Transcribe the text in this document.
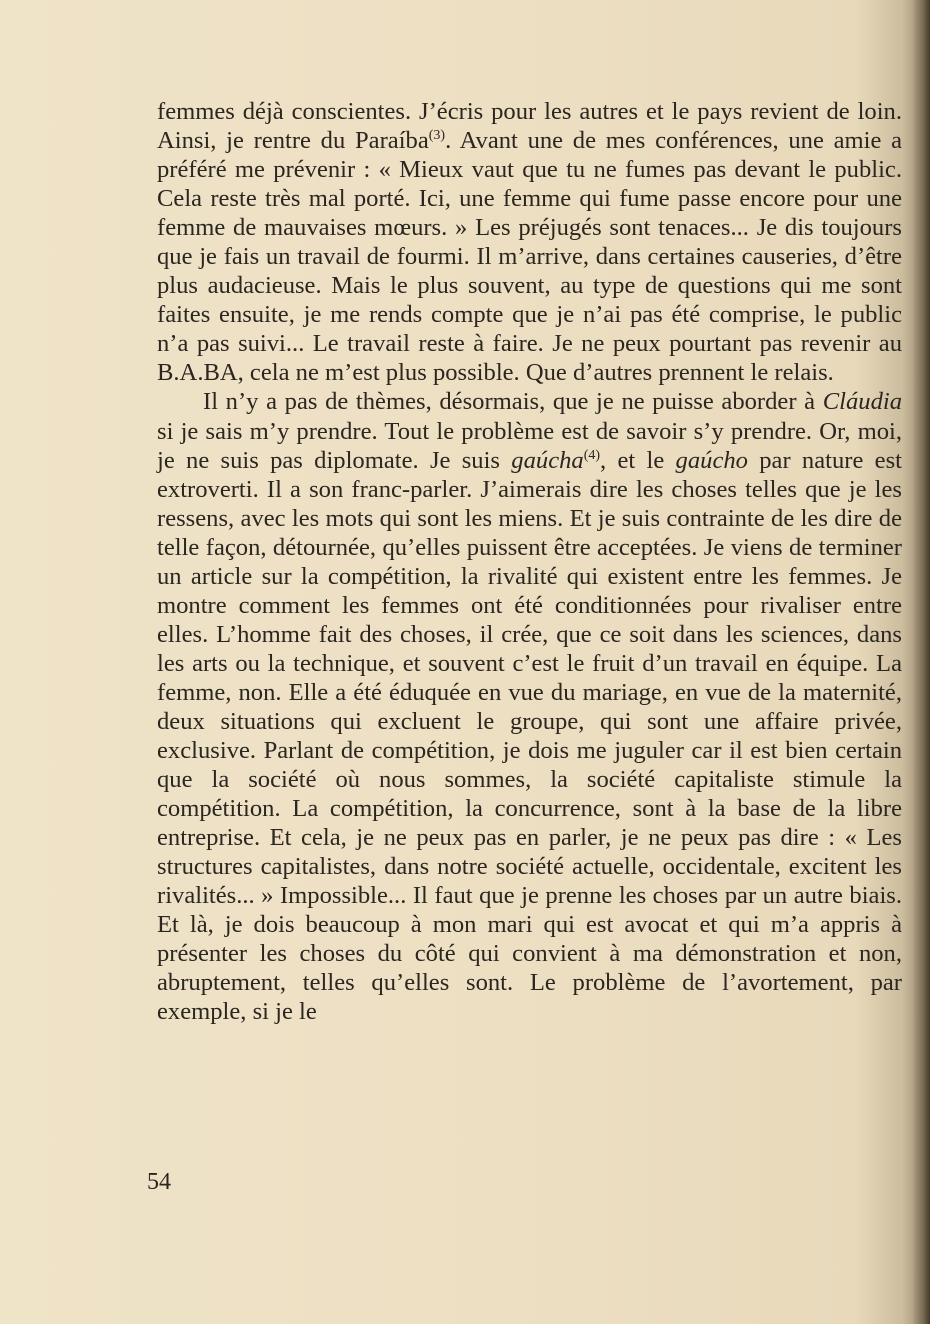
femmes déjà conscientes. J’écris pour les autres et le pays revient de loin. Ainsi, je rentre du Paraíba$^{(3)}$. Avant une de mes conférences, une amie a préféré me prévenir : « Mieux vaut que tu ne fumes pas devant le public. Cela reste très mal porté. Ici, une femme qui fume passe encore pour une femme de mauvaises mœurs. » Les préjugés sont tenaces... Je dis toujours que je fais un travail de fourmi. Il m’arrive, dans certaines causeries, d’être plus audacieuse. Mais le plus souvent, au type de questions qui me sont faites ensuite, je me rends compte que je n’ai pas été comprise, le public n’a pas suivi... Le travail reste à faire. Je ne peux pourtant pas revenir au B.A.BA, cela ne m’est plus possible. Que d’autres prennent le relais.

Il n’y a pas de thèmes, désormais, que je ne puisse aborder à Cláudia si je sais m’y prendre. Tout le problème est de savoir s’y prendre. Or, moi, je ne suis pas diplomate. Je suis gaúcha$^{(4)}$, et le gaúcho par nature est extroverti. Il a son franc-parler. J’aimerais dire les choses telles que je les ressens, avec les mots qui sont les miens. Et je suis contrainte de les dire de telle façon, détournée, qu’elles puissent être acceptées. Je viens de terminer un article sur la compétition, la rivalité qui existent entre les femmes. Je montre comment les femmes ont été conditionnées pour rivaliser entre elles. L’homme fait des choses, il crée, que ce soit dans les sciences, dans les arts ou la technique, et souvent c’est le fruit d’un travail en équipe. La femme, non. Elle a été éduquée en vue du mariage, en vue de la maternité, deux situations qui excluent le groupe, qui sont une affaire privée, exclusive. Parlant de compétition, je dois me juguler car il est bien certain que la société où nous sommes, la société capitaliste stimule la compétition. La compétition, la concurrence, sont à la base de la libre entreprise. Et cela, je ne peux pas en parler, je ne peux pas dire : « Les structures capitalistes, dans notre société actuelle, occidentale, excitent les rivalités... » Impossible... Il faut que je prenne les choses par un autre biais. Et là, je dois beaucoup à mon mari qui est avocat et qui m’a appris à présenter les choses du côté qui convient à ma démonstration et non, abruptement, telles qu’elles sont. Le problème de l’avortement, par exemple, si je le

54
